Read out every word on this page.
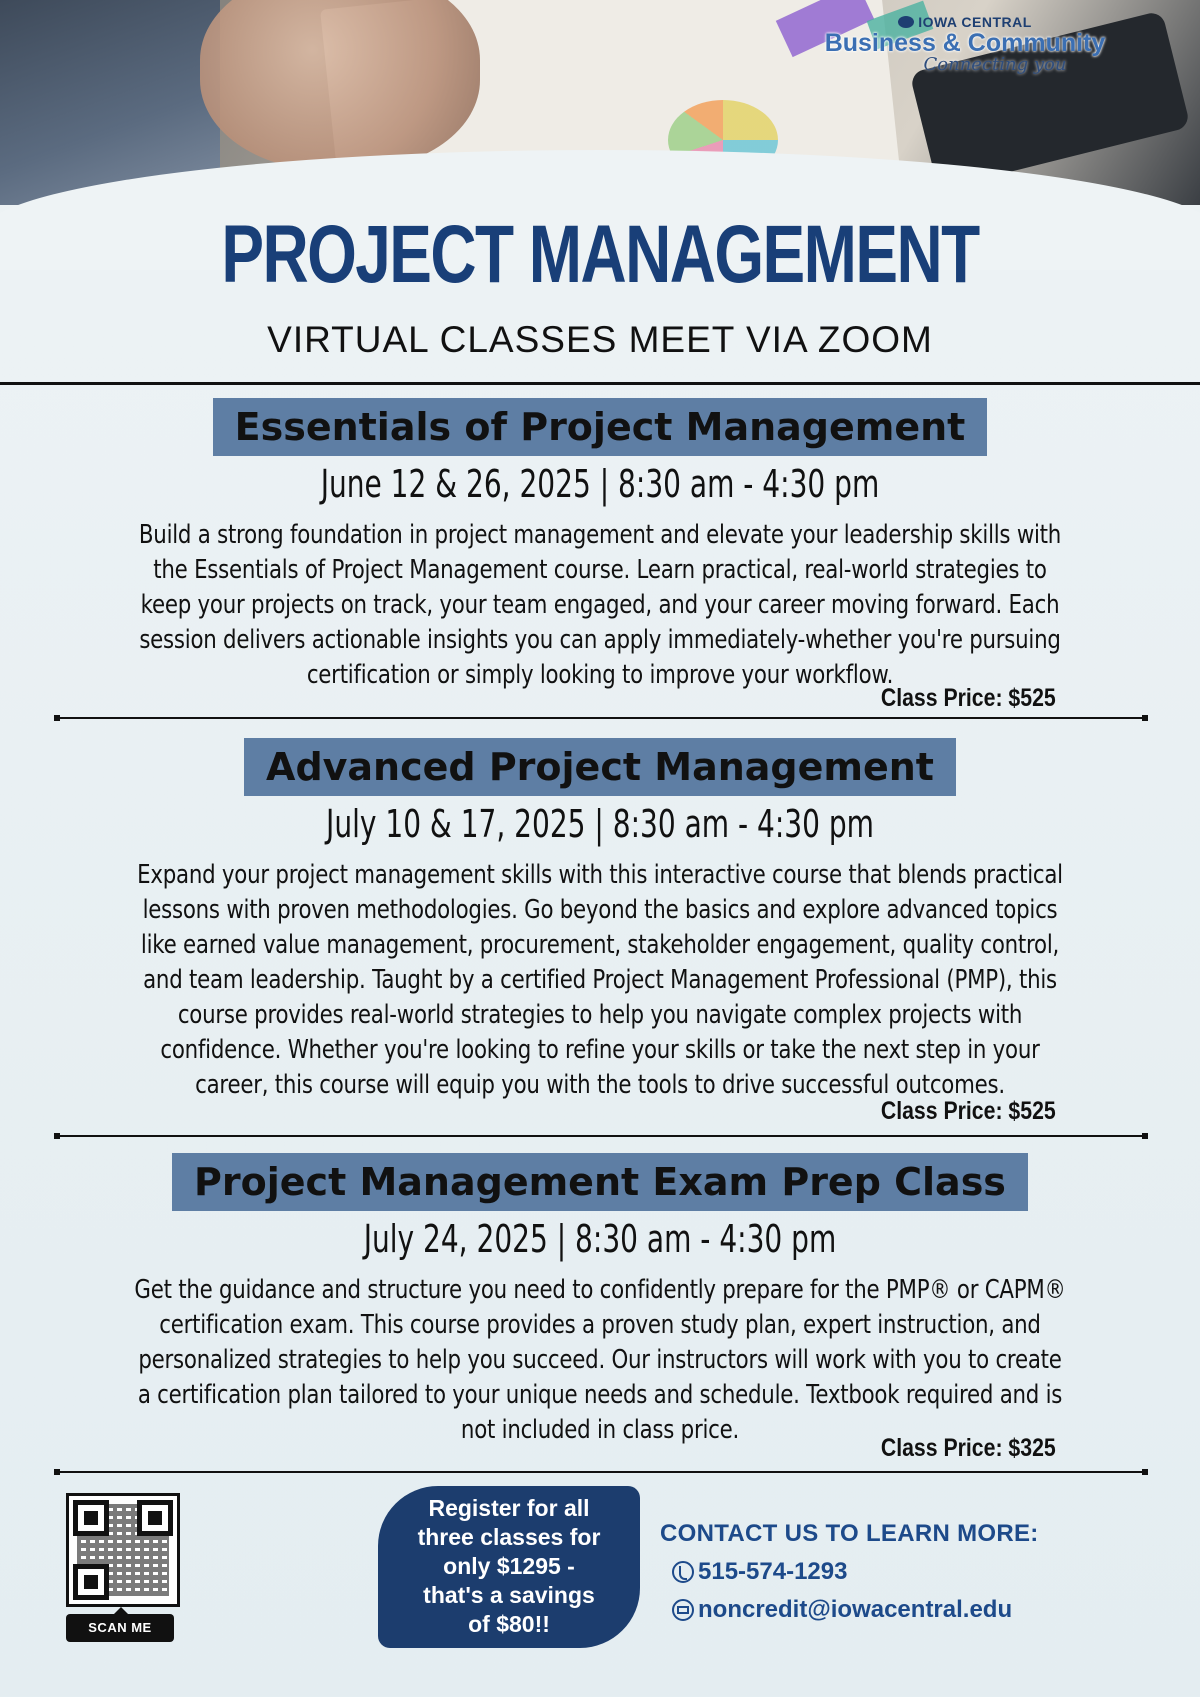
IOWA CENTRAL
Business & Community
Connecting you
PROJECT MANAGEMENT
VIRTUAL CLASSES MEET VIA ZOOM
Essentials of Project Management
June 12 & 26, 2025 | 8:30 am - 4:30 pm
Build a strong foundation in project management and elevate your leadership skills with the Essentials of Project Management course. Learn practical, real-world strategies to keep your projects on track, your team engaged, and your career moving forward. Each session delivers actionable insights you can apply immediately-whether you're pursuing certification or simply looking to improve your workflow.
Class Price: $525
Advanced Project Management
July 10 & 17, 2025 | 8:30 am - 4:30 pm
Expand your project management skills with this interactive course that blends practical lessons with proven methodologies. Go beyond the basics and explore advanced topics like earned value management, procurement, stakeholder engagement, quality control, and team leadership. Taught by a certified Project Management Professional (PMP), this course provides real-world strategies to help you navigate complex projects with confidence. Whether you're looking to refine your skills or take the next step in your career, this course will equip you with the tools to drive successful outcomes.
Class Price: $525
Project Management Exam Prep Class
July 24, 2025 | 8:30 am - 4:30 pm
Get the guidance and structure you need to confidently prepare for the PMP® or CAPM® certification exam. This course provides a proven study plan, expert instruction, and personalized strategies to help you succeed. Our instructors will work with you to create a certification plan tailored to your unique needs and schedule. Textbook required and is not included in class price.
Class Price: $325
SCAN ME
Register for all
three classes for
only $1295 -
that's a savings
of $80!!
CONTACT US TO LEARN MORE:
515-574-1293
noncredit@iowacentral.edu
